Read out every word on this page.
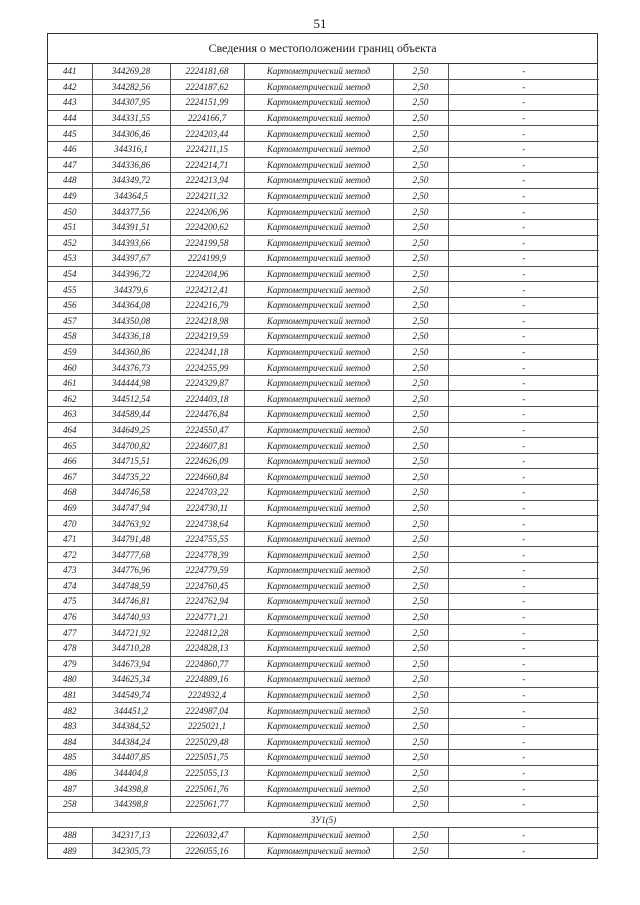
51
Сведения о местоположении границ объекта
441	344269,28	2224181,68	Картометрический метод	2,50	-
442	344282,56	2224187,62	Картометрический метод	2,50	-
443	344307,95	2224151,99	Картометрический метод	2,50	-
444	344331,55	2224166,7	Картометрический метод	2,50	-
445	344306,46	2224203,44	Картометрический метод	2,50	-
446	344316,1	2224211,15	Картометрический метод	2,50	-
447	344336,86	2224214,71	Картометрический метод	2,50	-
448	344349,72	2224213,94	Картометрический метод	2,50	-
449	344364,5	2224211,32	Картометрический метод	2,50	-
450	344377,56	2224206,96	Картометрический метод	2,50	-
451	344391,51	2224200,62	Картометрический метод	2,50	-
452	344393,66	2224199,58	Картометрический метод	2,50	-
453	344397,67	2224199,9	Картометрический метод	2,50	-
454	344396,72	2224204,96	Картометрический метод	2,50	-
455	344379,6	2224212,41	Картометрический метод	2,50	-
456	344364,08	2224216,79	Картометрический метод	2,50	-
457	344350,08	2224218,98	Картометрический метод	2,50	-
458	344336,18	2224219,59	Картометрический метод	2,50	-
459	344360,86	2224241,18	Картометрический метод	2,50	-
460	344376,73	2224255,99	Картометрический метод	2,50	-
461	344444,98	2224329,87	Картометрический метод	2,50	-
462	344512,54	2224403,18	Картометрический метод	2,50	-
463	344589,44	2224476,84	Картометрический метод	2,50	-
464	344649,25	2224550,47	Картометрический метод	2,50	-
465	344700,82	2224607,81	Картометрический метод	2,50	-
466	344715,51	2224626,09	Картометрический метод	2,50	-
467	344735,22	2224660,84	Картометрический метод	2,50	-
468	344746,58	2224703,22	Картометрический метод	2,50	-
469	344747,94	2224730,11	Картометрический метод	2,50	-
470	344763,92	2224738,64	Картометрический метод	2,50	-
471	344791,48	2224755,55	Картометрический метод	2,50	-
472	344777,68	2224778,39	Картометрический метод	2,50	-
473	344776,96	2224779,59	Картометрический метод	2,50	-
474	344748,59	2224760,45	Картометрический метод	2,50	-
475	344746,81	2224762,94	Картометрический метод	2,50	-
476	344740,93	2224771,21	Картометрический метод	2,50	-
477	344721,92	2224812,28	Картометрический метод	2,50	-
478	344710,28	2224828,13	Картометрический метод	2,50	-
479	344673,94	2224860,77	Картометрический метод	2,50	-
480	344625,34	2224889,16	Картометрический метод	2,50	-
481	344549,74	2224932,4	Картометрический метод	2,50	-
482	344451,2	2224987,04	Картометрический метод	2,50	-
483	344384,52	2225021,1	Картометрический метод	2,50	-
484	344384,24	2225029,48	Картометрический метод	2,50	-
485	344407,85	2225051,75	Картометрический метод	2,50	-
486	344404,8	2225055,13	Картометрический метод	2,50	-
487	344398,8	2225061,76	Картометрический метод	2,50	-
258	344398,8	2225061,77	Картометрический метод	2,50	-
ЗУ1(5)					
488	342317,13	2226032,47	Картометрический метод	2,50	-
489	342305,73	2226055,16	Картометрический метод	2,50	-
